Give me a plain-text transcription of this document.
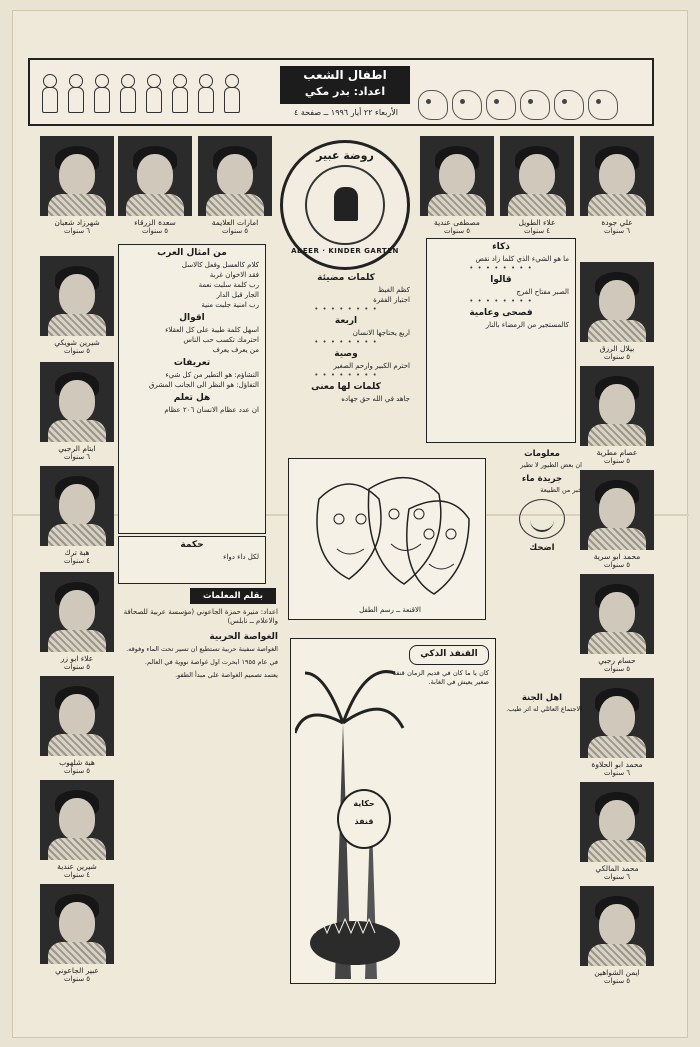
اطفال الشعب
اعداد: بدر مكي
الأربعاء ٢٢ أيار ١٩٩٦ ــ صفحة ٤
علي جودة
٦ سنوات
علاء الطويل
٤ سنوات
مصطفى عندية
٥ سنوات
امارات العلايمة
٥ سنوات
سعدة الزرقاء
٥ سنوات
شهرزاد شعبان
٦ سنوات
بيلال الرزق
٥ سنوات
عصام مطرية
٥ سنوات
محمد ابو سرية
٥ سنوات
حسام رجبي
٥ سنوات
محمد ابو الحلاوة
٦ سنوات
محمد المالكي
٦ سنوات
ايمن الشواهين
٥ سنوات
شيرين شويكي
٥ سنوات
ابتام الرجبي
٦ سنوات
هبة ترك
٤ سنوات
علاء ابو زر
٥ سنوات
هبة شلهوب
٥ سنوات
شيرين عندية
٤ سنوات
عبير الجاعوني
٥ سنوات
روضة عبير
ABEER · KINDER GARTEN
من امثال العرب
كلام كالعسل وفعل كالاسل
فقد الاخوان غربة
رب كلمة سلبت نعمة
الجار قبل الدار
رب امنية جلبت منية
اقوال
اسهل كلمة طيبة على كل العقلاء
احترمك تكسب حب الناس
من يعرف يعرف
تعريفات
التشاؤم: هو التطير من كل شيء
التفاؤل: هو النظر الى الجانب المشرق
هل تعلم
ان عدد عظام الانسان ٢٠٦ عظام
حكمة
لكل داء دواء
كلمات مضيئة
كظم الغيظ
اجتياز الفقرة
• • • • • • • •
اربعة
اربع يحتاجها الانسان
• • • • • • • •
وصية
احترم الكبير وارحم الصغير
• • • • • • • •
كلمات لها معنى
جاهد في الله حق جهاده
ذكاء
ما هو الشيء الذي كلما زاد نقص
• • • • • • • •
قالوا
الصبر مفتاح الفرج
• • • • • • • •
فصحى وعامية
كالمستجير من الرمضاء بالنار
معلومات
ان بعض الطيور لا تطير
جريدة ماء
خبر من الطبيعة
اضحك
اهل الجنة
الاجتماع العائلي له اثر طيب.
الاقنعة ــ رسم الطفل
بقلم المعلمات
اعداد: منيرة حمزة الجاعوني (مؤسسة عربية للصحافة والاعلام ــ نابلس)
الغواصة الحربية
الغواصة سفينة حربية تستطيع ان تسير تحت الماء وفوقه.
في عام ١٩٥٥ ابحرت اول غواصة نووية في العالم.
يعتمد تصميم الغواصة على مبدأ الطفو.
القنفذ الذكي
كان يا ما كان في قديم الزمان قنفذ صغير يعيش في الغابة.
حكاية
قنفذ
